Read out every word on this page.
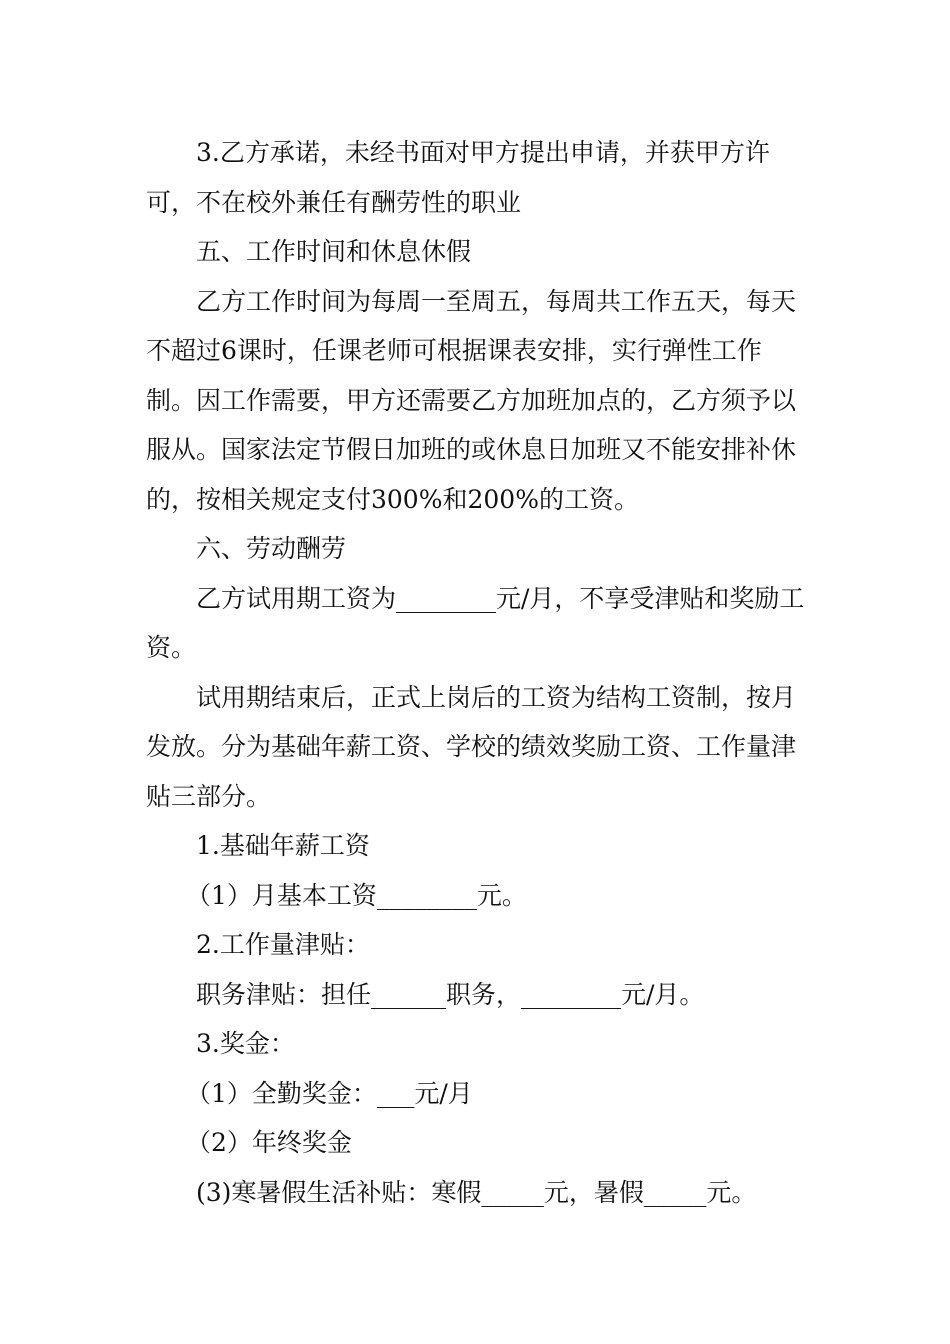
3.乙方承诺，未经书面对甲方提出申请，并获甲方许可，不在校外兼任有酬劳性的职业

五、工作时间和休息休假

乙方工作时间为每周一至周五，每周共工作五天，每天不超过6课时，任课老师可根据课表安排，实行弹性工作制。因工作需要，甲方还需要乙方加班加点的，乙方须予以服从。国家法定节假日加班的或休息日加班又不能安排补休的，按相关规定支付300%和200%的工资。

六、劳动酬劳

乙方试用期工资为________元/月，不享受津贴和奖励工资。

试用期结束后，正式上岗后的工资为结构工资制，按月发放。分为基础年薪工资、学校的绩效奖励工资、工作量津贴三部分。

1.基础年薪工资

（1）月基本工资________元。

2.工作量津贴：

职务津贴：担任______职务，________元/月。

3.奖金：

（1）全勤奖金：___元/月

（2）年终奖金

(3)寒暑假生活补贴：寒假_____元，暑假_____元。
